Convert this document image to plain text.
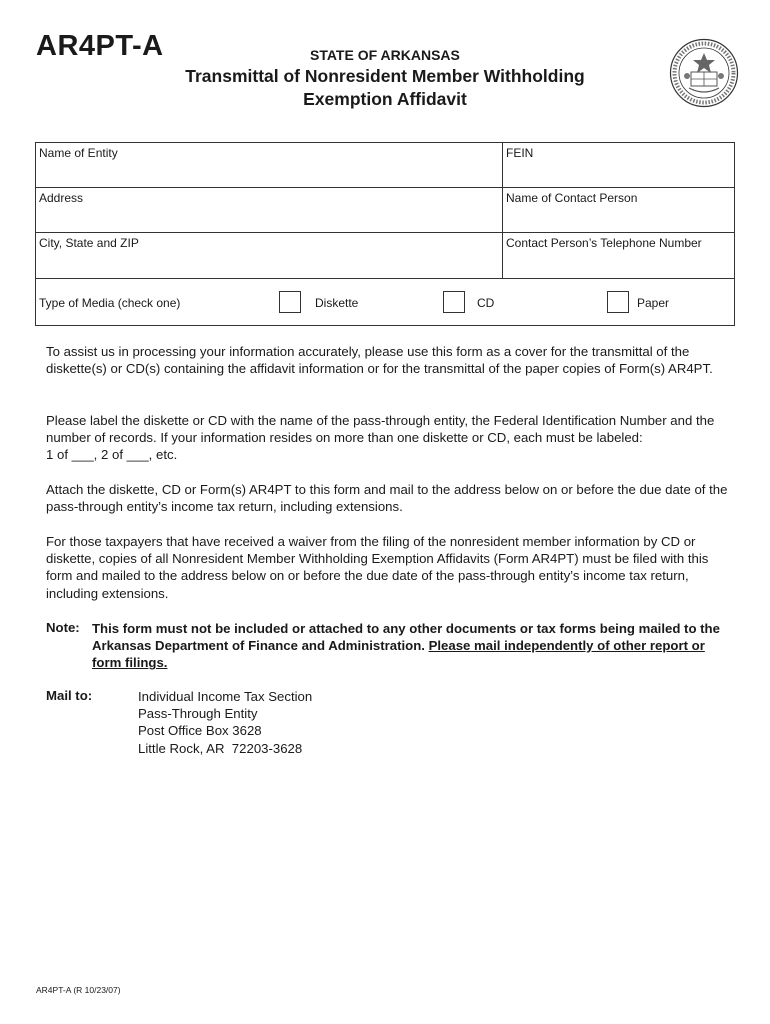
AR4PT-A	STATE OF ARKANSAS
Transmittal of Nonresident Member Withholding
Exemption Affidavit
Name of Entity	FEIN
Address	Name of Contact Person
City, State and ZIP	Contact Person’s Telephone Number
Type of Media (check one)	Diskette	CD	Paper
To assist us in processing your information accurately, please use this form as a cover for the transmittal of the diskette(s) or CD(s) containing the affidavit information or for the transmittal of the paper copies of Form(s) AR4PT.
Please label the diskette or CD with the name of the pass-through entity, the Federal Identification Number and the number of records. If your information resides on more than one diskette or CD, each must be labeled:
1 of ___, 2 of ___, etc.
Attach the diskette, CD or Form(s) AR4PT to this form and mail to the address below on or before the due date of the pass-through entity’s income tax return, including extensions.
For those taxpayers that have received a waiver from the filing of the nonresident member information by CD or diskette, copies of all Nonresident Member Withholding Exemption Affidavits (Form AR4PT) must be filed with this form and mailed to the address below on or before the due date of the pass-through entity’s income tax return, including extensions.
Note: This form must not be included or attached to any other documents or tax forms being mailed to the Arkansas Department of Finance and Administration. Please mail independently of other report or form filings.
Mail to:	Individual Income Tax Section
Pass-Through Entity
Post Office Box 3628
Little Rock, AR  72203-3628
AR4PT-A (R 10/23/07)
